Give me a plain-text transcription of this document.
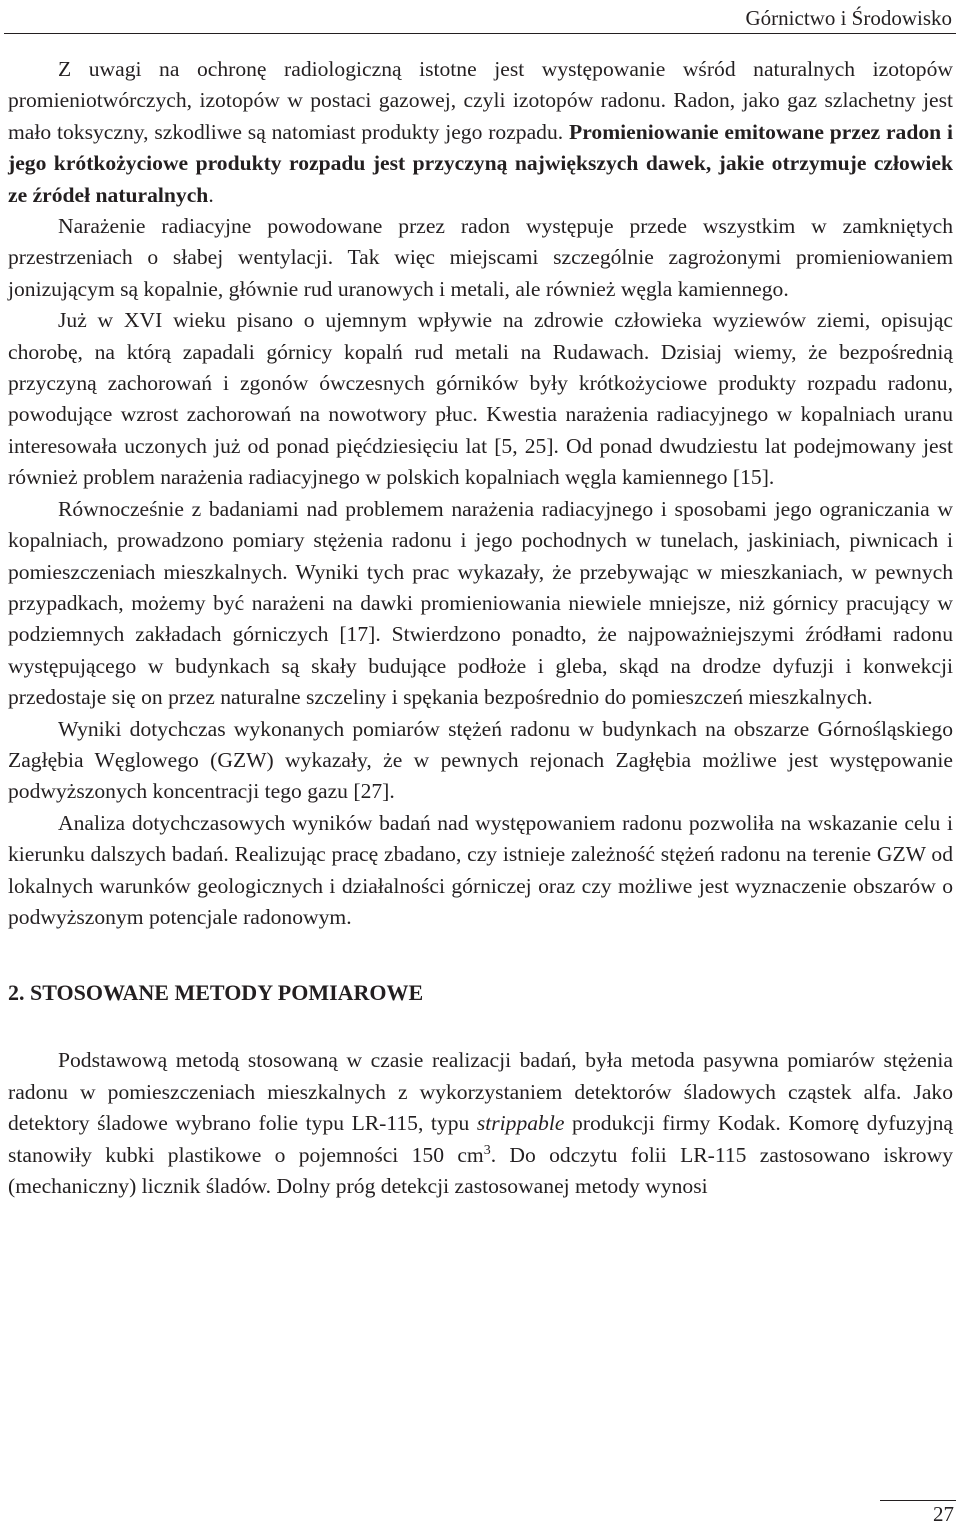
Górnictwo i Środowisko

Z uwagi na ochronę radiologiczną istotne jest występowanie wśród naturalnych izotopów promieniotwórczych, izotopów w postaci gazowej, czyli izotopów radonu. Radon, jako gaz szlachetny jest mało toksyczny, szkodliwe są natomiast produkty jego rozpadu. Promieniowanie emitowane przez radon i jego krótkożyciowe produkty rozpadu jest przyczyną największych dawek, jakie otrzymuje człowiek ze źródeł naturalnych.

Narażenie radiacyjne powodowane przez radon występuje przede wszystkim w zamkniętych przestrzeniach o słabej wentylacji. Tak więc miejscami szczególnie zagrożonymi promieniowaniem jonizującym są kopalnie, głównie rud uranowych i metali, ale również węgla kamiennego.

Już w XVI wieku pisano o ujemnym wpływie na zdrowie człowieka wyziewów ziemi, opisując chorobę, na którą zapadali górnicy kopalń rud metali na Rudawach. Dzisiaj wiemy, że bezpośrednią przyczyną zachorowań i zgonów ówczesnych górników były krótkożyciowe produkty rozpadu radonu, powodujące wzrost zachorowań na nowotwory płuc. Kwestia narażenia radiacyjnego w kopalniach uranu interesowała uczonych już od ponad pięćdziesięciu lat [5, 25]. Od ponad dwudziestu lat podejmowany jest również problem narażenia radiacyjnego w polskich kopalniach węgla kamiennego [15].

Równocześnie z badaniami nad problemem narażenia radiacyjnego i sposobami jego ograniczania w kopalniach, prowadzono pomiary stężenia radonu i jego pochodnych w tunelach, jaskiniach, piwnicach i pomieszczeniach mieszkalnych. Wyniki tych prac wykazały, że przebywając w mieszkaniach, w pewnych przypadkach, możemy być narażeni na dawki promieniowania niewiele mniejsze, niż górnicy pracujący w podziemnych zakładach górniczych [17]. Stwierdzono ponadto, że najpoważniejszymi źródłami radonu występującego w budynkach są skały budujące podłoże i gleba, skąd na drodze dyfuzji i konwekcji przedostaje się on przez naturalne szczeliny i spękania bezpośrednio do pomieszczeń mieszkalnych.

Wyniki dotychczas wykonanych pomiarów stężeń radonu w budynkach na obszarze Górnośląskiego Zagłębia Węglowego (GZW) wykazały, że w pewnych rejonach Zagłębia możliwe jest występowanie podwyższonych koncentracji tego gazu [27].

Analiza dotychczasowych wyników badań nad występowaniem radonu pozwoliła na wskazanie celu i kierunku dalszych badań. Realizując pracę zbadano, czy istnieje zależność stężeń radonu na terenie GZW od lokalnych warunków geologicznych i działalności górniczej oraz czy możliwe jest wyznaczenie obszarów o podwyższonym potencjale radonowym.

2. STOSOWANE METODY POMIAROWE

Podstawową metodą stosowaną w czasie realizacji badań, była metoda pasywna pomiarów stężenia radonu w pomieszczeniach mieszkalnych z wykorzystaniem detektorów śladowych cząstek alfa. Jako detektory śladowe wybrano folie typu LR-115, typu strippable produkcji firmy Kodak. Komorę dyfuzyjną stanowiły kubki plastikowe o pojemności 150 $cm^3$. Do odczytu folii LR-115 zastosowano iskrowy (mechaniczny) licznik śladów. Dolny próg detekcji zastosowanej metody wynosi

27
